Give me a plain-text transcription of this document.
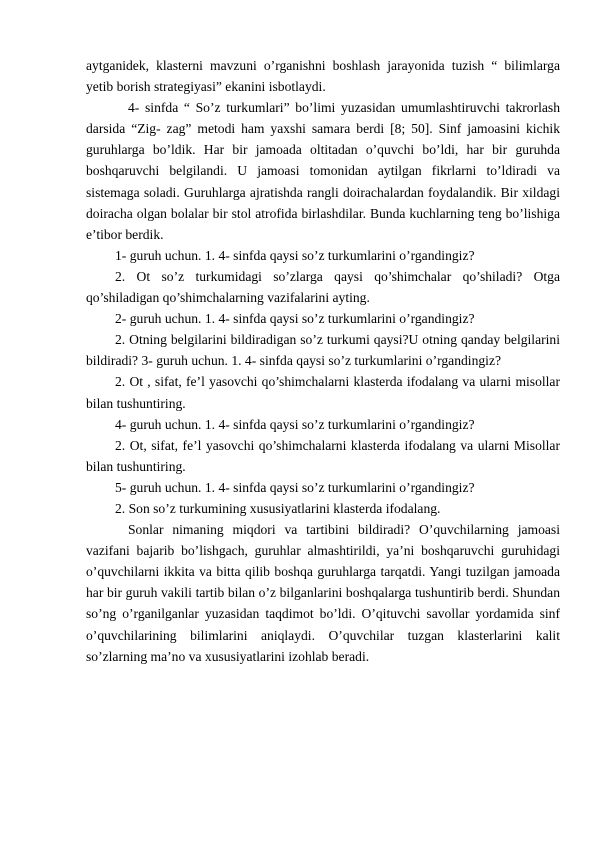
aytganidek, klasterni mavzuni o’rganishni boshlash jarayonida tuzish “ bilimlarga yetib borish strategiyasi” ekanini isbotlaydi.

4- sinfda “ So’z turkumlari” bo’limi yuzasidan umumlashtiruvchi takrorlash darsida “Zig- zag” metodi ham yaxshi samara berdi [8; 50]. Sinf jamoasini kichik guruhlarga bo’ldik. Har bir jamoada oltitadan o’quvchi bo’ldi, har bir guruhda boshqaruvchi belgilandi. U jamoasi tomonidan aytilgan fikrlarni to’ldiradi va sistemaga soladi. Guruhlarga ajratishda rangli doirachalardan foydalandik. Bir xildagi doiracha olgan bolalar bir stol atrofida birlashdilar. Bunda kuchlarning teng bo’lishiga e’tibor berdik.

1- guruh uchun. 1. 4- sinfda qaysi so’z turkumlarini o’rgandingiz?

2. Ot so’z turkumidagi so’zlarga qaysi qo’shimchalar qo’shiladi? Otga qo’shiladigan qo’shimchalarning vazifalarini ayting.

2- guruh uchun. 1. 4- sinfda qaysi so’z turkumlarini o’rgandingiz?

2. Otning belgilarini bildiradigan so’z turkumi qaysi?U otning qanday belgilarini bildiradi? 3- guruh uchun. 1. 4- sinfda qaysi so’z turkumlarini o’rgandingiz?

2. Ot , sifat, fe’l yasovchi qo’shimchalarni klasterda ifodalang va ularni misollar bilan tushuntiring.

4- guruh uchun. 1. 4- sinfda qaysi so’z turkumlarini o’rgandingiz?

2. Ot, sifat, fe’l yasovchi qo’shimchalarni klasterda ifodalang va ularni Misollar bilan tushuntiring.

5- guruh uchun. 1. 4- sinfda qaysi so’z turkumlarini o’rgandingiz?

2. Son so’z turkumining xususiyatlarini klasterda ifodalang.

Sonlar nimaning miqdori va tartibini bildiradi? O’quvchilarning jamoasi vazifani bajarib bo’lishgach, guruhlar almashtirildi, ya’ni boshqaruvchi guruhidagi o’quvchilarni ikkita va bitta qilib boshqa guruhlarga tarqatdi. Yangi tuzilgan jamoada har bir guruh vakili tartib bilan o’z bilganlarini boshqalarga tushuntirib berdi. Shundan so’ng o’rganilganlar yuzasidan taqdimot bo’ldi. O’qituvchi savollar yordamida sinf o’quvchilarining bilimlarini aniqlaydi. O’quvchilar tuzgan klasterlarini kalit so’zlarning ma’no va xususiyatlarini izohlab beradi.
